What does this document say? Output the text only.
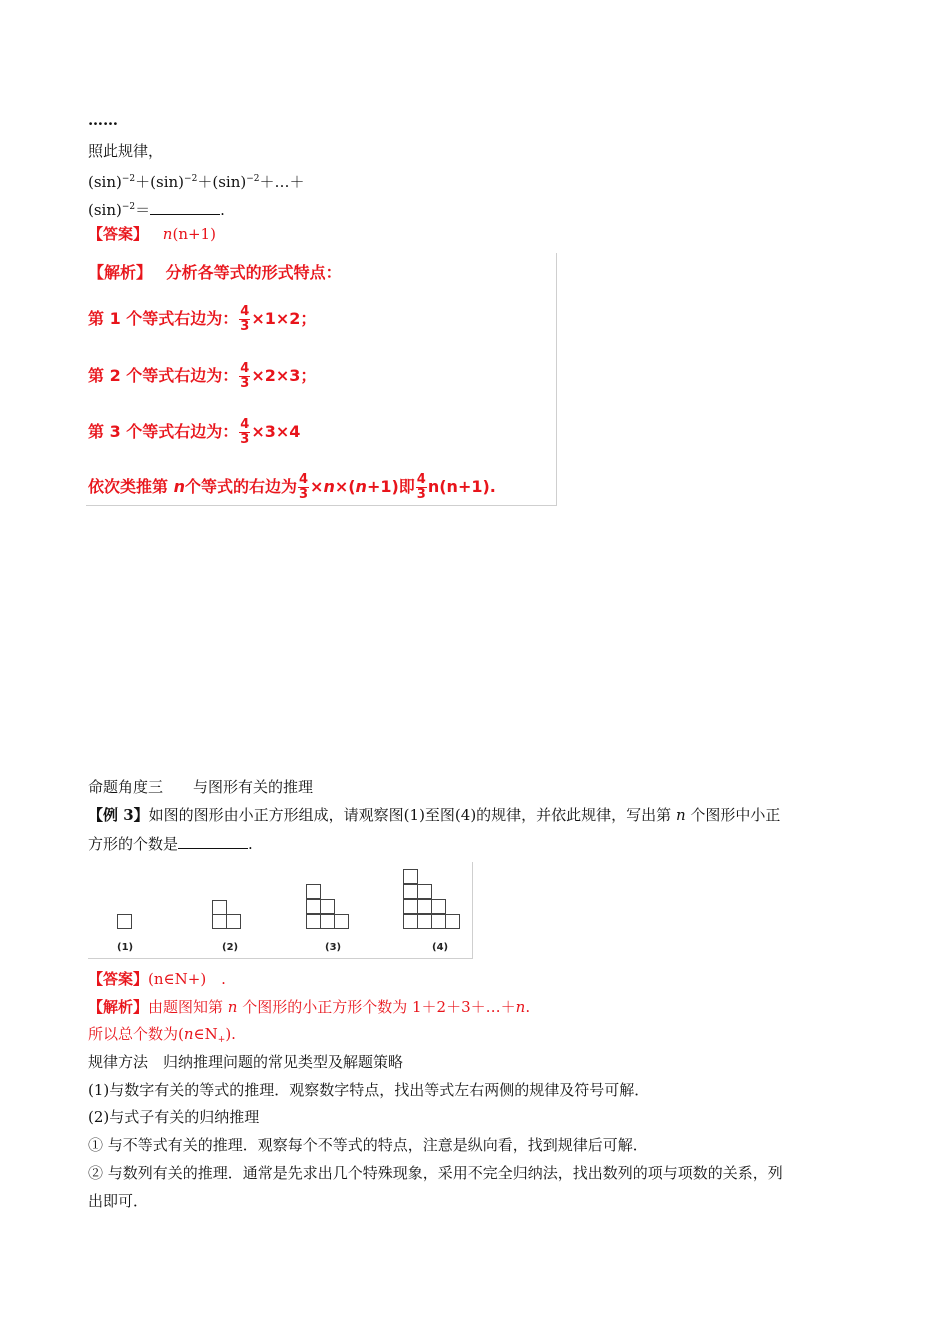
……
照此规律，
$(\sin)^{-2}+(\sin)^{-2}+(\sin)^{-2}+\dots+$
$(\sin)^{-2}=$	.
【答案】 n(n+1)
【解析】 分析各等式的形式特点：
第 1 个等式右边为： $\frac{4}{3} \times 1\times 2$；
第 2 个等式右边为： $\frac{4}{3} \times 2\times 3$；
第 3 个等式右边为： $\frac{4}{3} \times 3\times 4$
依次类推第 n个等式的右边为 $\frac{4}{3} \times n\times(n+1)$即 $\frac{4}{3} n(n+1)$.
命题角度三　　与图形有关的推理
【例 3】如图的图形由小正方形组成，请观察图(1)至图(4)的规律，并依此规律，写出第 n 个图形中小正
方形的个数是	.
(1)	(2)	(3)	(4)
【答案】(n∈N+)　.
【解析】由题图知第 n 个图形的小正方形个数为 1＋2＋3＋…＋n.
所以总个数为$(n\in N_+)$.
规律方法　归纳推理问题的常见类型及解题策略
(1)与数字有关的等式的推理．观察数字特点，找出等式左右两侧的规律及符号可解．
(2)与式子有关的归纳推理
① 与不等式有关的推理．观察每个不等式的特点，注意是纵向看，找到规律后可解．
② 与数列有关的推理．通常是先求出几个特殊现象，采用不完全归纳法，找出数列的项与项数的关系，列
出即可．
